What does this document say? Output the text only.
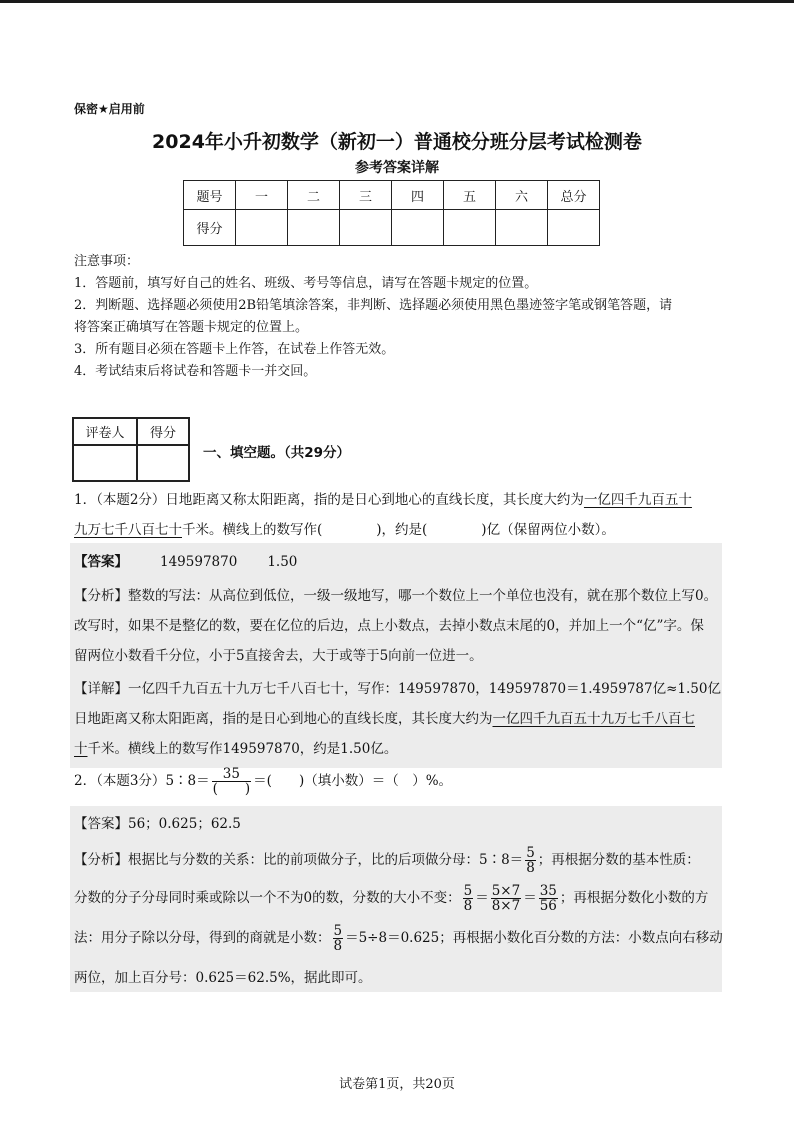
保密★启用前
2024年小升初数学（新初一）普通校分班分层考试检测卷
参考答案详解
题号	一	二	三	四	五	六	总分
得分							
注意事项：
1．答题前，填写好自己的姓名、班级、考号等信息，请写在答题卡规定的位置。
2．判断题、选择题必须使用2B铅笔填涂答案，非判断、选择题必须使用黑色墨迹签字笔或钢笔答题，请
将答案正确填写在答题卡规定的位置上。
3．所有题目必须在答题卡上作答，在试卷上作答无效。
4．考试结束后将试卷和答题卡一并交回。
评卷人	得分

一、填空题。（共29分）
1．（本题2分）日地距离又称太阳距离，指的是日心到地心的直线长度，其长度大约为一亿四千九百五十
九万七千八百七十千米。横线上的数写作(　　　　)，约是(　　　　)亿（保留两位小数）。
【答案】 149597870 1.50
【分析】整数的写法：从高位到低位，一级一级地写，哪一个数位上一个单位也没有，就在那个数位上写0。
改写时，如果不是整亿的数，要在亿位的后边，点上小数点，去掉小数点末尾的0，并加上一个“亿”字。保
留两位小数看千分位，小于5直接舍去，大于或等于5向前一位进一。
【详解】一亿四千九百五十九万七千八百七十，写作：149597870，149597870＝1.4959787亿≈1.50亿
日地距离又称太阳距离，指的是日心到地心的直线长度，其长度大约为一亿四千九百五十九万七千八百七
十千米。横线上的数写作149597870，约是1.50亿。
2．（本题3分）5∶8＝ $\frac{35}{( )}$ ＝(　　)（填小数）＝（　）%。
【答案】56；0.625；62.5
【分析】根据比与分数的关系：比的前项做分子，比的后项做分母：5∶8＝ $\frac{5}{8}$ ；再根据分数的基本性质：
分数的分子分母同时乘或除以一个不为0的数，分数的大小不变： $\frac{5}{8} = \frac{5\times 7}{8\times 7} = \frac{35}{56}$ ；再根据分数化小数的方
法：用分子除以分母，得到的商就是小数： $\frac{5}{8} =5\div 8=0.625$；再根据小数化百分数的方法：小数点向右移动
两位，加上百分号：0.625＝62.5%，据此即可。
试卷第1页，共20页
